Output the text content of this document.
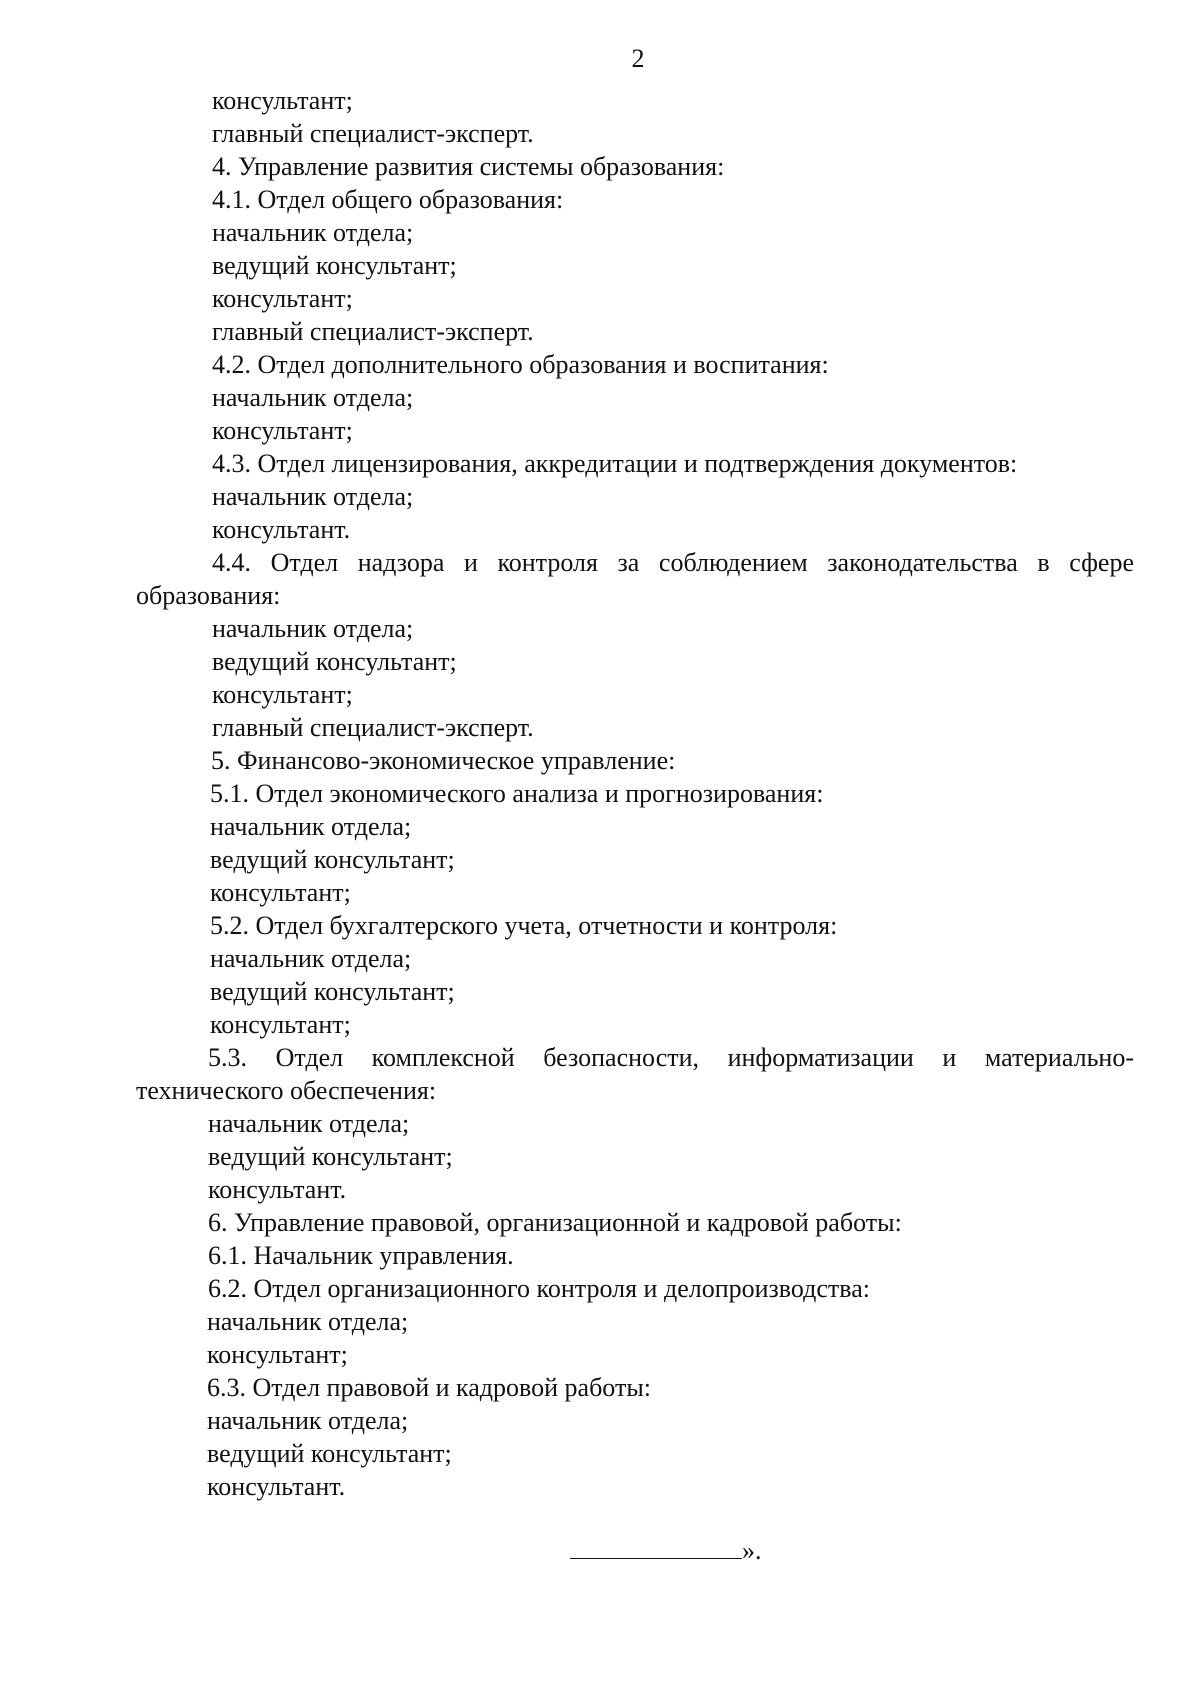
2
консультант;
главный специалист-эксперт.
4. Управление развития системы образования:
4.1. Отдел общего образования:
начальник отдела;
ведущий консультант;
консультант;
главный специалист-эксперт.
4.2. Отдел дополнительного образования и воспитания:
начальник отдела;
консультант;
4.3. Отдел лицензирования, аккредитации и подтверждения документов:
начальник отдела;
консультант.
4.4. Отдел надзора и контроля за соблюдением законодательства в сфере
образования:
начальник отдела;
ведущий консультант;
консультант;
главный специалист-эксперт.
5. Финансово-экономическое управление:
5.1. Отдел экономического анализа и прогнозирования:
начальник отдела;
ведущий консультант;
консультант;
5.2. Отдел бухгалтерского учета, отчетности и контроля:
начальник отдела;
ведущий консультант;
консультант;
5.3. Отдел комплексной безопасности, информатизации и материально-
технического обеспечения:
начальник отдела;
ведущий консультант;
консультант.
6. Управление правовой, организационной и кадровой работы:
6.1. Начальник управления.
6.2. Отдел организационного контроля и делопроизводства:
начальник отдела;
консультант;
6.3. Отдел правовой и кадровой работы:
начальник отдела;
ведущий консультант;
консультант.
».
